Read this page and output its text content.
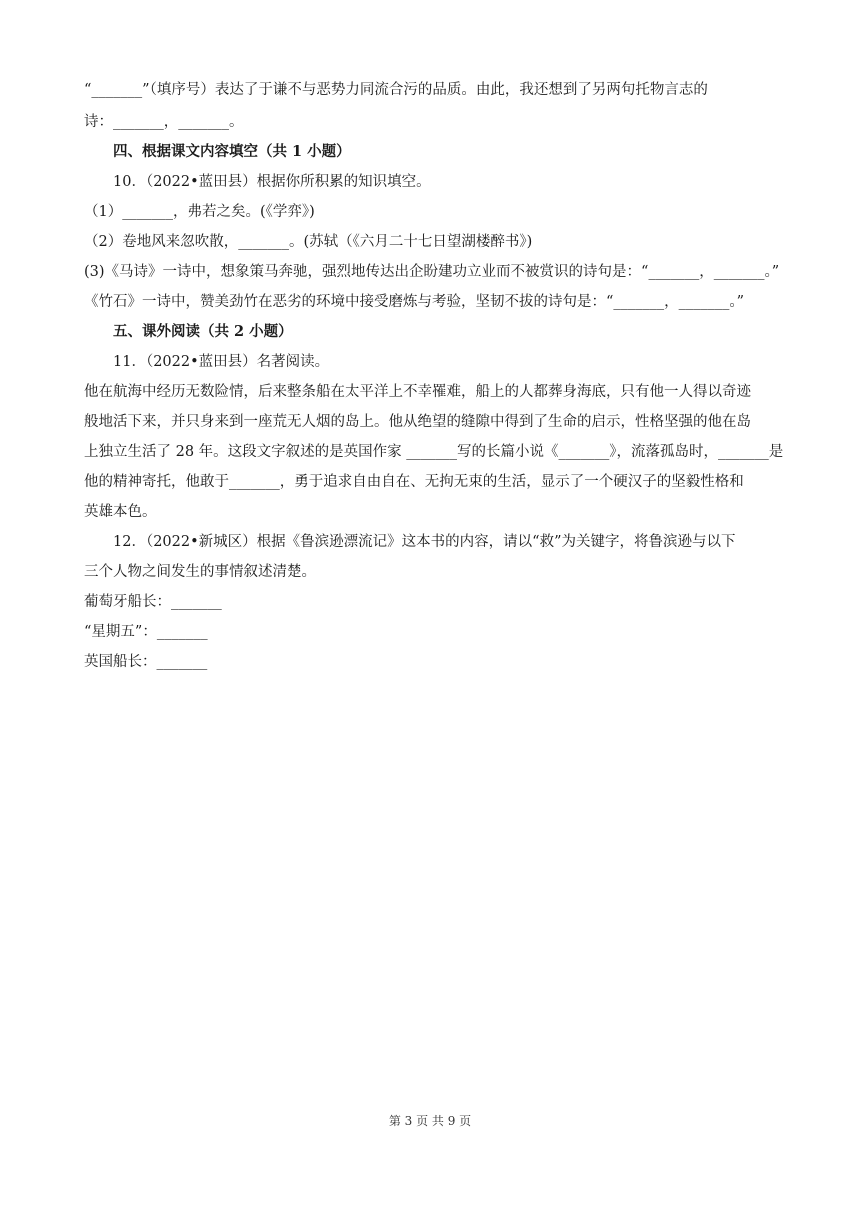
“_______”（填序号）表达了于谦不与恶势力同流合污的品质。由此，我还想到了另两句托物言志的
诗：_______，_______。
　　四、根据课文内容填空（共 1 小题）
　　10．（2022•蓝田县）根据你所积累的知识填空。
（1）_______，弗若之矣。(《学弈》)
（2）卷地风来忽吹散，_______。(苏轼（《六月二十七日望湖楼醉书》)
(3)《马诗》一诗中，想象策马奔驰，强烈地传达出企盼建功立业而不被赏识的诗句是：“_______，_______。”
《竹石》一诗中，赞美劲竹在恶劣的环境中接受磨炼与考验，坚韧不拔的诗句是：“_______，_______。”
　　五、课外阅读（共 2 小题）
　　11．（2022•蓝田县）名著阅读。
他在航海中经历无数险情，后来整条船在太平洋上不幸罹难，船上的人都葬身海底，只有他一人得以奇迹
般地活下来，并只身来到一座荒无人烟的岛上。他从绝望的缝隙中得到了生命的启示，性格坚强的他在岛
上独立生活了 28 年。这段文字叙述的是英国作家 _______写的长篇小说《_______》，流落孤岛时，_______是
他的精神寄托，他敢于_______，勇于追求自由自在、无拘无束的生活，显示了一个硬汉子的坚毅性格和
英雄本色。
　　12．（2022•新城区）根据《鲁滨逊漂流记》这本书的内容，请以“救”为关键字，将鲁滨逊与以下
三个人物之间发生的事情叙述清楚。
葡萄牙船长：_______
“星期五”：_______
英国船长：_______
第 3 页 共 9 页
